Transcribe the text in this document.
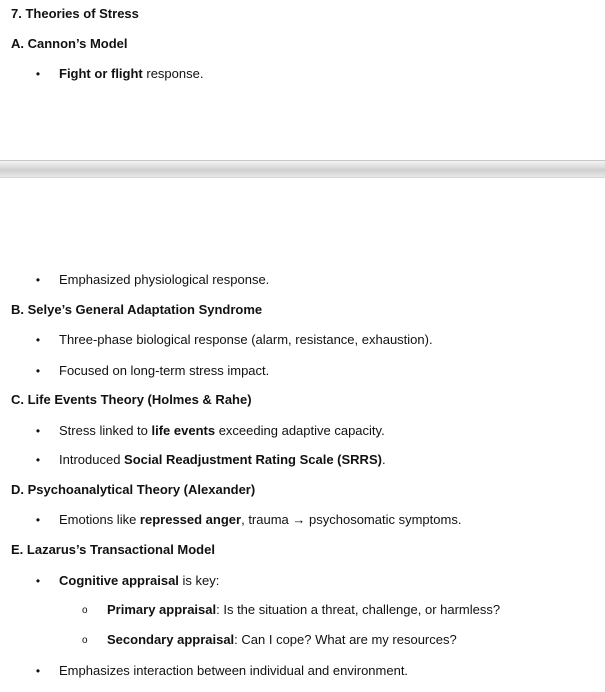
7. Theories of Stress
A. Cannon’s Model
• Fight or flight response.
• Emphasized physiological response.
B. Selye’s General Adaptation Syndrome
• Three-phase biological response (alarm, resistance, exhaustion).
• Focused on long-term stress impact.
C. Life Events Theory (Holmes & Rahe)
• Stress linked to life events exceeding adaptive capacity.
• Introduced Social Readjustment Rating Scale (SRRS).
D. Psychoanalytical Theory (Alexander)
• Emotions like repressed anger, trauma → psychosomatic symptoms.
E. Lazarus’s Transactional Model
• Cognitive appraisal is key:
o Primary appraisal: Is the situation a threat, challenge, or harmless?
o Secondary appraisal: Can I cope? What are my resources?
• Emphasizes interaction between individual and environment.
